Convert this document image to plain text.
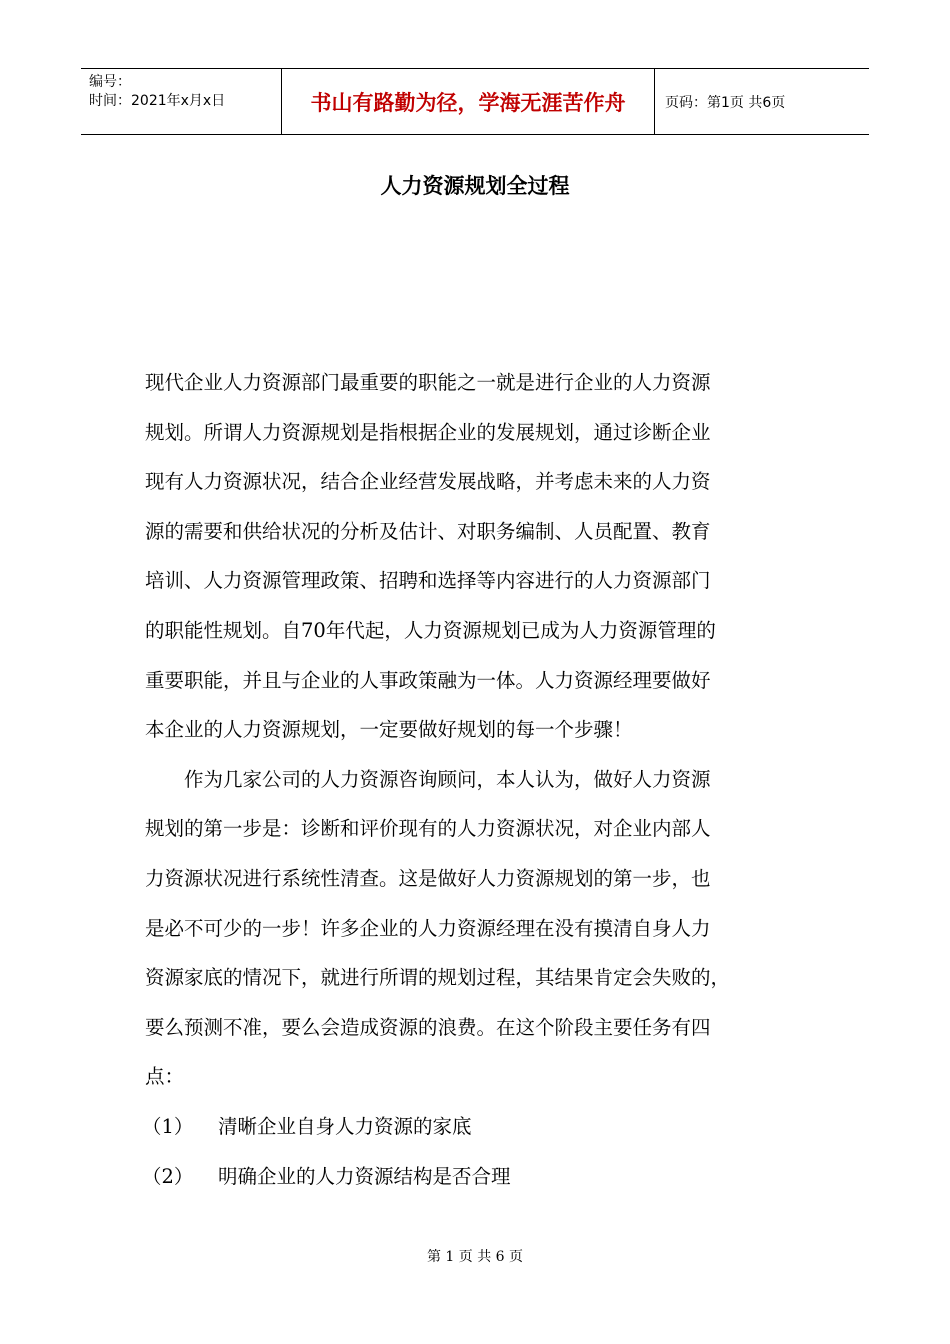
编号：
时间：2021年x月x日	书山有路勤为径，学海无涯苦作舟	页码：第1页 共6页
人力资源规划全过程

现代企业人力资源部门最重要的职能之一就是进行企业的人力资源
规划。所谓人力资源规划是指根据企业的发展规划，通过诊断企业
现有人力资源状况，结合企业经营发展战略，并考虑未来的人力资
源的需要和供给状况的分析及估计、对职务编制、人员配置、教育
培训、人力资源管理政策、招聘和选择等内容进行的人力资源部门
的职能性规划。自70年代起，人力资源规划已成为人力资源管理的
重要职能，并且与企业的人事政策融为一体。人力资源经理要做好
本企业的人力资源规划，一定要做好规划的每一个步骤！

作为几家公司的人力资源咨询顾问，本人认为，做好人力资源
规划的第一步是：诊断和评价现有的人力资源状况，对企业内部人
力资源状况进行系统性清查。这是做好人力资源规划的第一步，也
是必不可少的一步！许多企业的人力资源经理在没有摸清自身人力
资源家底的情况下，就进行所谓的规划过程，其结果肯定会失败的，
要么预测不准，要么会造成资源的浪费。在这个阶段主要任务有四
点：

（1）	清晰企业自身人力资源的家底
（2）	明确企业的人力资源结构是否合理
第 1 页 共 6 页
